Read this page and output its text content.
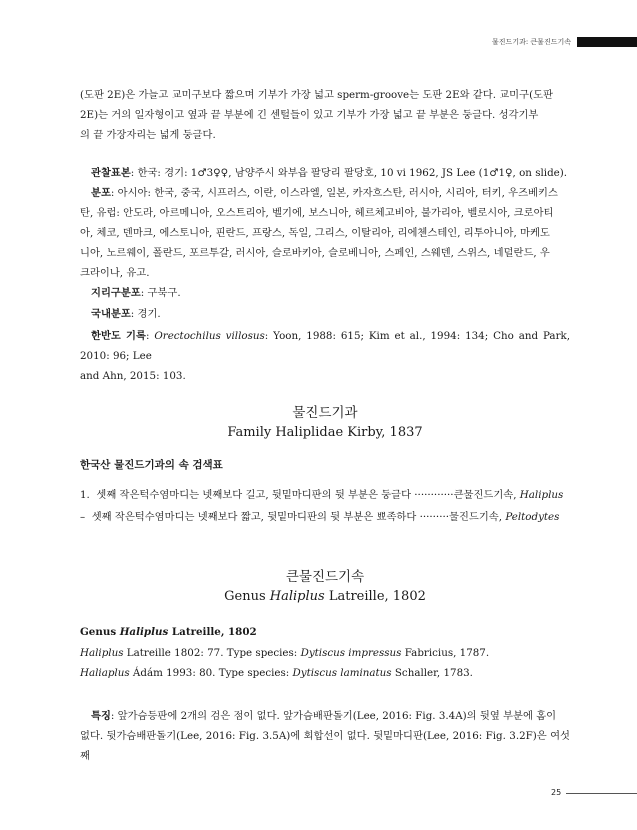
물진드기과: 큰물진드기속
(도판 2E)은 가늘고 교미구보다 짧으며 기부가 가장 넓고 sperm-groove는 도판 2E와 같다. 교미구(도판
2E)는 거의 일자형이고 옆과 끝 부분에 긴 센털들이 있고 기부가 가장 넓고 끝 부분은 둥글다. 성각기부
의 끝 가장자리는 넓게 둥글다.
관찰표본: 한국: 경기: 1♂3♀♀, 남양주시 와부읍 팔당리 팔당호, 10 vi 1962, JS Lee (1♂1♀, on slide).
분포: 아시아: 한국, 중국, 시프러스, 이란, 이스라엘, 일본, 카자흐스탄, 러시아, 시리아, 터키, 우즈베키스
탄, 유럽: 안도라, 아르메니아, 오스트리아, 벨기에, 보스니아, 헤르체고비아, 불가리아, 벨로시아, 크로아티
아, 체코, 덴마크, 에스토니아, 핀란드, 프랑스, 독일, 그리스, 이탈리아, 리에첸스테인, 리투아니아, 마케도
니아, 노르웨이, 폴란드, 포르투갈, 러시아, 슬로바키아, 슬로베니아, 스페인, 스웨덴, 스위스, 네덜란드, 우
크라이나, 유고.
지리구분포: 구북구.
국내분포: 경기.
한반도 기록: Orectochilus villosus: Yoon, 1988: 615; Kim et al., 1994: 134; Cho and Park, 2010: 96; Lee
and Ahn, 2015: 103.
물진드기과
Family Haliplidae Kirby, 1837
한국산 물진드기과의 속 검색표
1. 셋째 작은턱수염마디는 넷째보다 길고, 뒷밑마디판의 뒷 부분은 둥글다 ············큰물진드기속, Haliplus
– 셋째 작은턱수염마디는 넷째보다 짧고, 뒷밑마디판의 뒷 부분은 뾰족하다 ·········물진드기속, Peltodytes
큰물진드기속
Genus Haliplus Latreille, 1802
Genus Haliplus Latreille, 1802
Haliplus Latreille 1802: 77. Type species: Dytiscus impressus Fabricius, 1787.
Haliaplus Ádám 1993: 80. Type species: Dytiscus laminatus Schaller, 1783.
특징: 앞가슴등판에 2개의 검은 점이 없다. 앞가슴배판돌기(Lee, 2016: Fig. 3.4A)의 뒷옆 부분에 홈이
없다. 뒷가슴배판돌기(Lee, 2016: Fig. 3.5A)에 회합선이 없다. 뒷밑마디판(Lee, 2016: Fig. 3.2F)은 여섯째
25
